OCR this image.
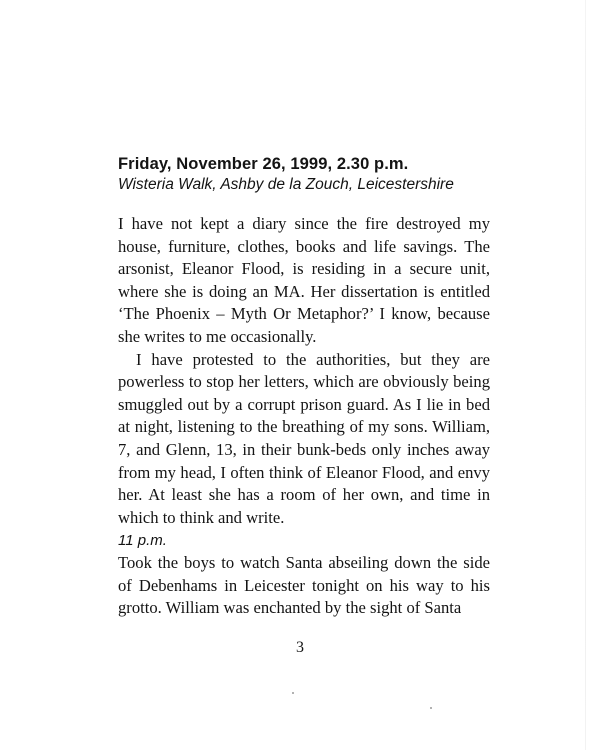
Friday, November 26, 1999, 2.30 p.m.
Wisteria Walk, Ashby de la Zouch, Leicestershire

I have not kept a diary since the fire destroyed my house, furniture, clothes, books and life savings. The arsonist, Eleanor Flood, is residing in a secure unit, where she is doing an MA. Her dissertation is entitled ‘The Phoenix – Myth Or Metaphor?’ I know, because she writes to me occasionally.

I have protested to the authorities, but they are powerless to stop her letters, which are obviously being smuggled out by a corrupt prison guard. As I lie in bed at night, listening to the breathing of my sons. William, 7, and Glenn, 13, in their bunk-beds only inches away from my head, I often think of Eleanor Flood, and envy her. At least she has a room of her own, and time in which to think and write.

11 p.m.

Took the boys to watch Santa abseiling down the side of Debenhams in Leicester tonight on his way to his grotto. William was enchanted by the sight of Santa

3
